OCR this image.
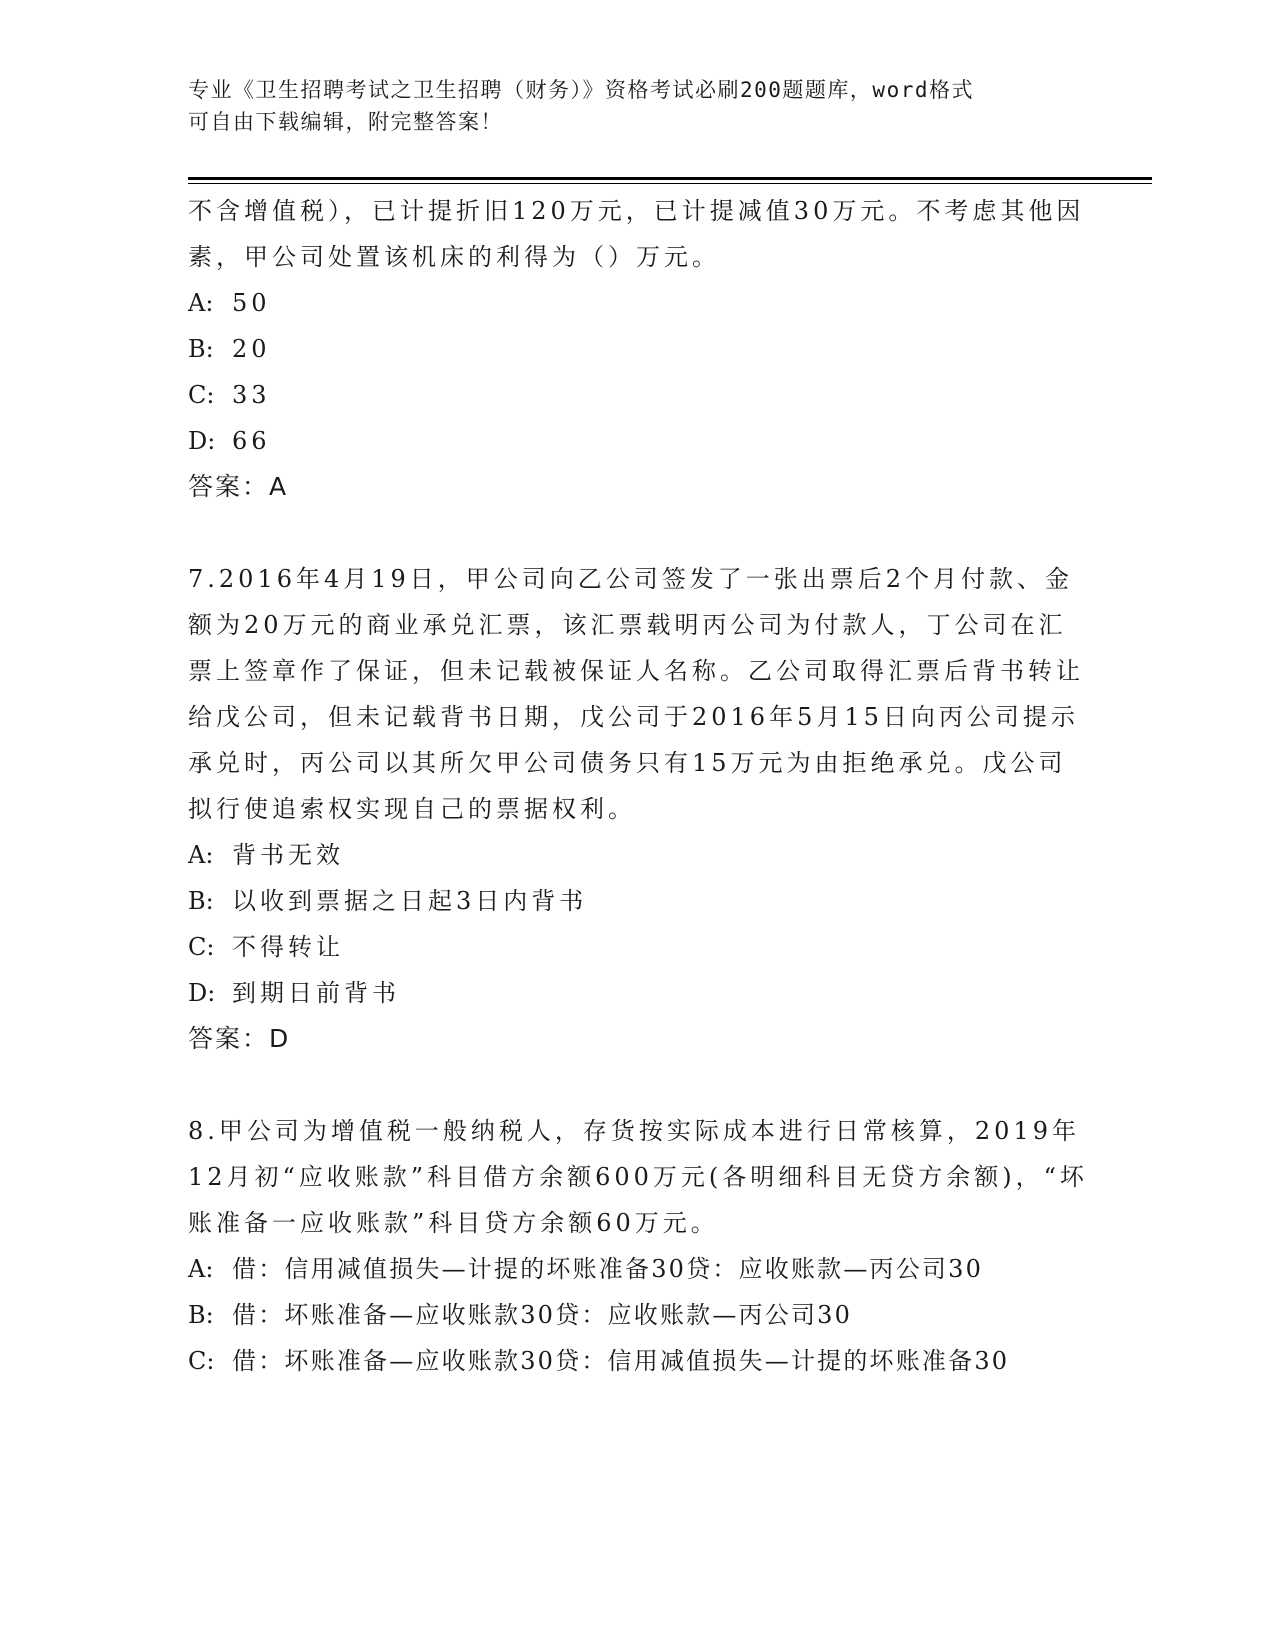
专业《卫生招聘考试之卫生招聘（财务）》资格考试必刷200题题库，word格式
可自由下载编辑，附完整答案！

不含增值税），已计提折旧120万元，已计提减值30万元。不考虑其他因素，甲公司处置该机床的利得为（）万元。

A: 50

B: 20

C: 33

D: 66

答案：A

7.2016年4月19日，甲公司向乙公司签发了一张出票后2个月付款、金额为20万元的商业承兑汇票，该汇票载明丙公司为付款人，丁公司在汇票上签章作了保证，但未记载被保证人名称。乙公司取得汇票后背书转让给戊公司，但未记载背书日期，戊公司于2016年5月15日向丙公司提示承兑时，丙公司以其所欠甲公司债务只有15万元为由拒绝承兑。戊公司拟行使追索权实现自己的票据权利。

A: 背书无效

B: 以收到票据之日起3日内背书

C: 不得转让

D: 到期日前背书

答案：D

8.甲公司为增值税一般纳税人，存货按实际成本进行日常核算，2019年12月初“应收账款”科目借方余额600万元(各明细科目无贷方余额)，“坏账准备一应收账款”科目贷方余额60万元。

A: 借：信用减值损失—计提的坏账准备30贷：应收账款—丙公司30

B: 借：坏账准备—应收账款30贷：应收账款—丙公司30

C: 借：坏账准备—应收账款30贷：信用减值损失—计提的坏账准备30
